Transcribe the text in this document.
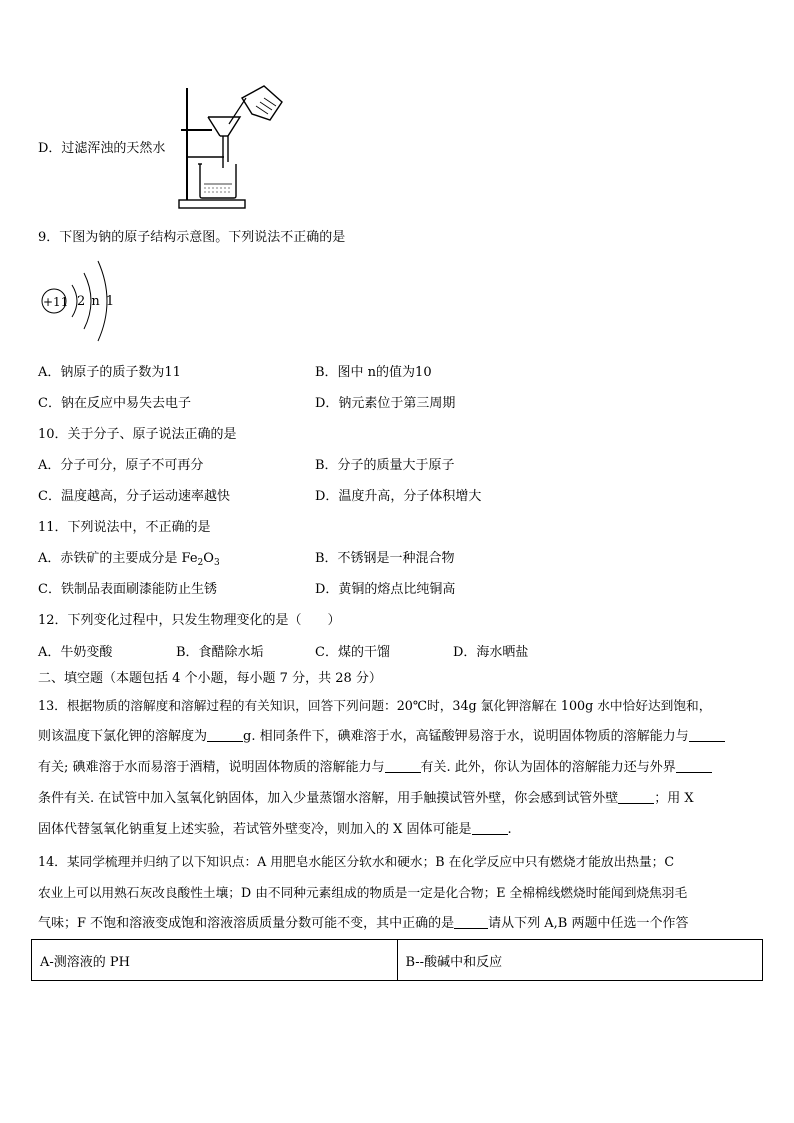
D．过滤浑浊的天然水
9．下图为钠的原子结构示意图。下列说法不正确的是
+11 2 n 1
A．钠原子的质子数为11	B．图中 n的值为10
C．钠在反应中易失去电子	D．钠元素位于第三周期
10．关于分子、原子说法正确的是
A．分子可分，原子不可再分	B．分子的质量大于原子
C．温度越高，分子运动速率越快	D．温度升高，分子体积增大
11．下列说法中，不正确的是
A．赤铁矿的主要成分是 $Fe_2O_3$	B．不锈钢是一种混合物
C．铁制品表面刷漆能防止生锈	D．黄铜的熔点比纯铜高
12．下列变化过程中，只发生物理变化的是（　　）
A．牛奶变酸	B．食醋除水垢	C．煤的干馏	D．海水晒盐
二、填空题（本题包括 4 个小题，每小题 7 分，共 28 分）
13．根据物质的溶解度和溶解过程的有关知识，回答下列问题：20℃时，34g 氯化钾溶解在 100g 水中恰好达到饱和，
则该温度下氯化钾的溶解度为	g. 相同条件下，碘难溶于水，高锰酸钾易溶于水，说明固体物质的溶解能力与
有关; 碘难溶于水而易溶于酒精，说明固体物质的溶解能力与	有关. 此外，你认为固体的溶解能力还与外界
条件有关. 在试管中加入氢氧化钠固体，加入少量蒸馏水溶解，用手触摸试管外壁，你会感到试管外壁	；用 X
固体代替氢氧化钠重复上述实验，若试管外壁变冷，则加入的 X 固体可能是	.
14．某同学梳理并归纳了以下知识点：A 用肥皂水能区分软水和硬水；B 在化学反应中只有燃烧才能放出热量；C
农业上可以用熟石灰改良酸性土壤；D 由不同种元素组成的物质是一定是化合物；E 全棉棉线燃烧时能闻到烧焦羽毛
气味；F 不饱和溶液变成饱和溶液溶质质量分数可能不变，其中正确的是	请从下列 A,B 两题中任选一个作答
A-测溶液的 PH	B--酸碱中和反应
